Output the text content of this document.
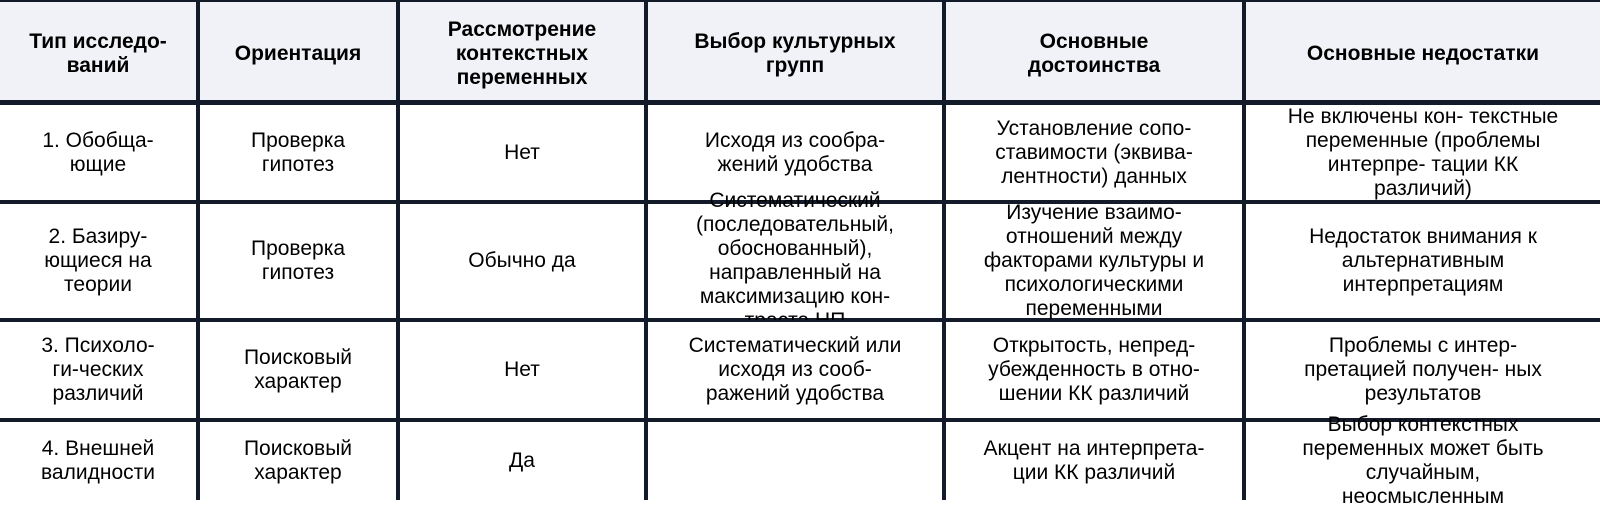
Тип исследо-
ваний
Ориентация
Рассмотрение
контекстных
переменных
Выбор культурных
групп
Основные
достоинства
Основные недостатки
1. Обобща-
ющие
Проверка
гипотез
Нет
Исходя из сообра-
жений удобства
Установление сопо-
ставимости (эквива-
лентности) данных
Не включены кон- текстные
переменные (проблемы
интерпре- тации КК
различий)
2. Базиру-
ющиеся на
теории
Проверка
гипотез
Обычно да
Систематический
(последовательный,
обоснованный),
направленный на
максимизацию кон-

Изучение взаимо-
отношений между
факторами культуры и
психологическими
переменными
Недостаток внимания к
альтернативным
интерпретациям
3. Психоло-
ги-ческих
различий
Поисковый
характер
Нет
Систематический или
исходя из сооб-
ражений удобства
Открытость, непред-
убежденность в отно-
шении КК различий
Проблемы с интер-
претацией получен- ных
результатов
4. Внешней
валидности
Поисковый
характер
Да
Акцент на интерпрета-
ции КК различий
Выбор контекстных
переменных может быть
случайным,
неосмысленным
